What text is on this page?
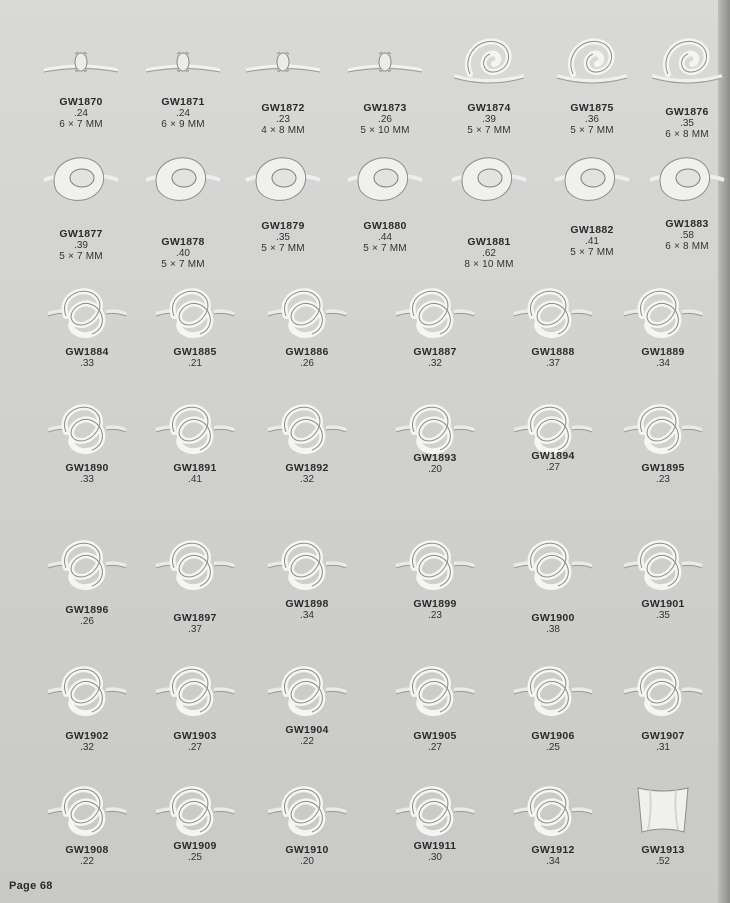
GW1870
.24
6 × 7 MM
GW1871
.24
6 × 9 MM
GW1872
.23
4 × 8 MM
GW1873
.26
5 × 10 MM
GW1874
.39
5 × 7 MM
GW1875
.36
5 × 7 MM
GW1876
.35
6 × 8 MM
GW1877
.39
5 × 7 MM
GW1878
.40
5 × 7 MM
GW1879
.35
5 × 7 MM
GW1880
.44
5 × 7 MM
GW1881
.62
8 × 10 MM
GW1882
.41
5 × 7 MM
GW1883
.58
6 × 8 MM
GW1884
.33
GW1885
.21
GW1886
.26
GW1887
.32
GW1888
.37
GW1889
.34
GW1890
.33
GW1891
.41
GW1892
.32
GW1893
.20
GW1894
.27	GW1895
.23
GW1896
.26	GW1897
.37
GW1898
.34
GW1899
.23	GW1900
.38
GW1901
.35
GW1902
.32
GW1903
.27
GW1904
.22	GW1905
.27
GW1906
.25
GW1907
.31
GW1908
.22
GW1909
.25
GW1910
.20
GW1911
.30
GW1912
.34
GW1913
.52
Page 68
